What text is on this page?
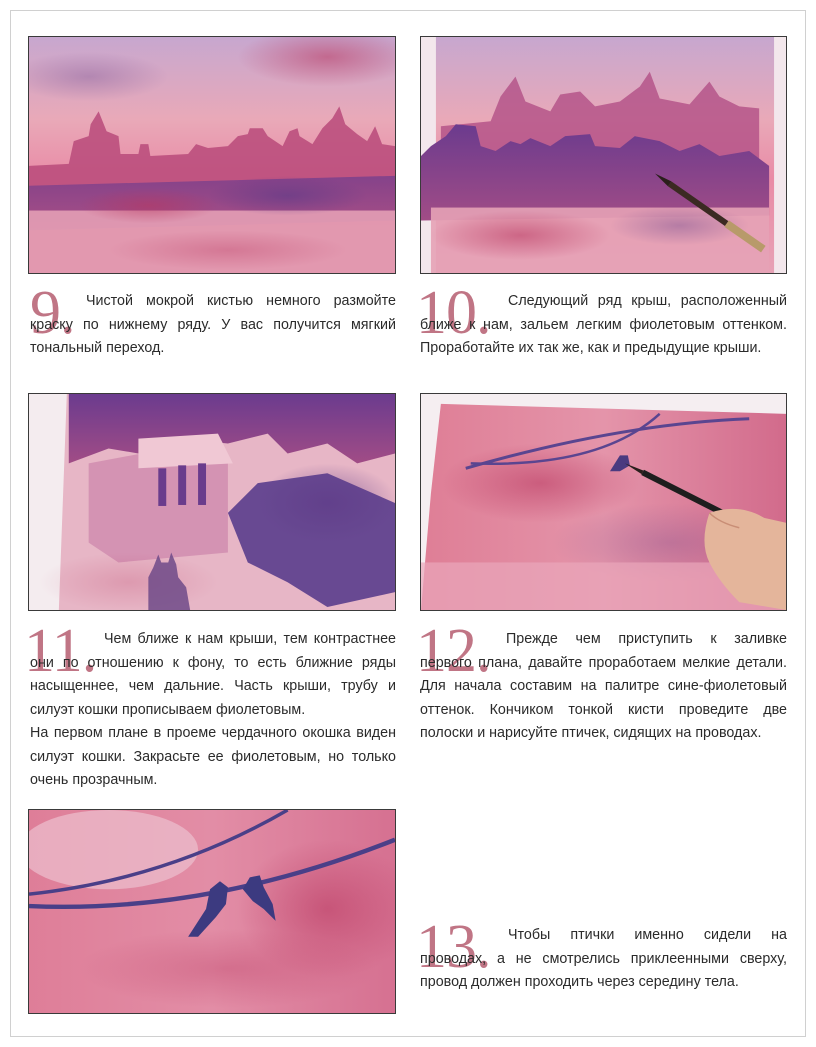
9. Чистой мокрой кистью немного размойте краску по нижнему ряду. У вас получится мягкий тональный переход.
10.	Следующий ряд крыш, расположенный ближе к нам, зальем легким фиолетовым оттенком. Проработайте их так же, как и предыдущие крыши.
11. Чем ближе к нам крыши, тем контрастнее они по отношению к фону, то есть ближние ряды насыщеннее, чем дальние. Часть крыши, трубу и силуэт кошки прописываем фиолетовым.
На первом плане в проеме чердачного окошка виден силуэт кошки. Закрасьте ее фиолетовым, но только очень прозрачным.
12.	Прежде чем приступить к заливке первого плана, давайте проработаем мелкие детали. Для начала составим на палитре сине-фиолетовый оттенок. Кончиком тонкой кисти проведите две полоски и нарисуйте птичек, сидящих на проводах.
13.	Чтобы птички именно сидели на проводах, а не смотрелись приклеенными сверху, провод должен проходить через середину тела.
